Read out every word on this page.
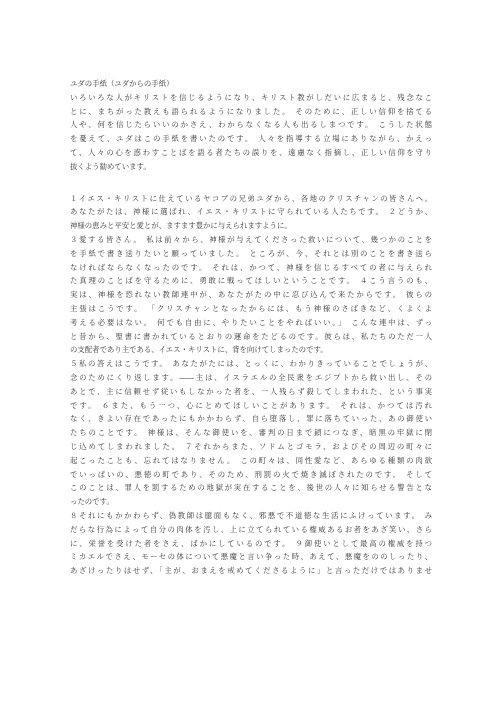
ユダの手紙（ユダからの手紙）
いろいろな人がキリストを信じるようになり、キリスト教がしだいに広まると、残念なこ
とに、まちがった教えも語られるようになりました。 そのために、正しい信仰を捨てる
人や、何を信じたらいいのかさえ、わからなくなる人も出るしまつです。 こうした状態
を憂えて、ユダはこの手紙を書いたのです。 人々を指導する立場にありながら、かえっ
て、人々の心を惑わすことばを語る者たちの誤りを、遠慮なく指摘し、正しい信仰を守り
抜くよう勧めています。
１イエス・キリストに仕えているヤコブの兄弟ユダから、各地のクリスチャンの皆さんへ。
あなたがたは、神様に選ばれ、イエス・キリストに守られている人たちです。 ２どうか、
神様の恵みと平安と愛とが、ますます豊かに与えられますように。
３愛する皆さん。 私は前々から、神様が与えてくださった救いについて、幾つかのことを
を手紙で書き送りたいと願っていました。 ところが、今、それとは別のことを書き送ら
なければならなくなったのです。 それは、かつて、神様を信じるすべての者に与えられ
た真理のことばを守るために、勇敢に戦ってほしいということです。 ４こう言うのも、
実は、神様を恐れない教師連中が、あなたがたの中に忍び込んで来たからです。 彼らの
主張はこうです。 「クリスチャンとなったからには、もう神様のさばきなど、くよくよ
考える必要はない。 何でも自由に、やりたいことをやればいい。」 こんな連中は、ずっ
と昔から、聖書に書かれているとおりの運命をたどるのです。彼らは、私たちのただ一人
の支配者であり主である、イエス・キリストに、背を向けてしまったのです。
５私の答えはこうです。 あなたがたには、とっくに、わかりきっていることでしょうが、
念のためにくり返します。――主は、イスラエルの全民衆をエジプトから救い出し、その
あとで、主に信頼せず従いもしなかった者を、一人残らず殺してしまわれた、という事実
です。 ６また、もう一つ、心にとめてほしいことがあります。 それは、かつては汚れ
なく、きよい存在であったにもかかわらず、自ら堕落し、罪に落ちていった、あの御使い
たちのことです。 神様は、そんな御使いを、審判の日まで鎖につなぎ、暗黒の牢獄に閉
じ込めてしまわれました。 ７それからまた、ソドムとゴモラ、およびその周辺の町々に
起こったことも、忘れてはなりません。 この町々は、同性愛など、あらゆる種類の肉欲
でいっぱいの、悪徳の町であり、そのため、刑罰の火で焼き滅ぼされたのです。 そして
このことは、罪人を罰するための地獄が実在することを、後世の人々に知らせる警告とな
ったのです。
８それにもかかわらず、偽教師は臆面もなく、邪悪で不道徳な生活にふけっています。 み
だらな行為によって自分の肉体を汚し、上に立てられている権威あるお者をあざ笑い、さら
に、栄誉を受けた者をさえ、ばかにしているのです。 ９御使いとして最高の権威を持つ
ミカエルでさえ、モーセの体について悪魔と言い争った時、あえて、悪魔をののしったり、
あざけったりはせず、「主が、おまえを戒めてくださるように」と言っただけではありませ
